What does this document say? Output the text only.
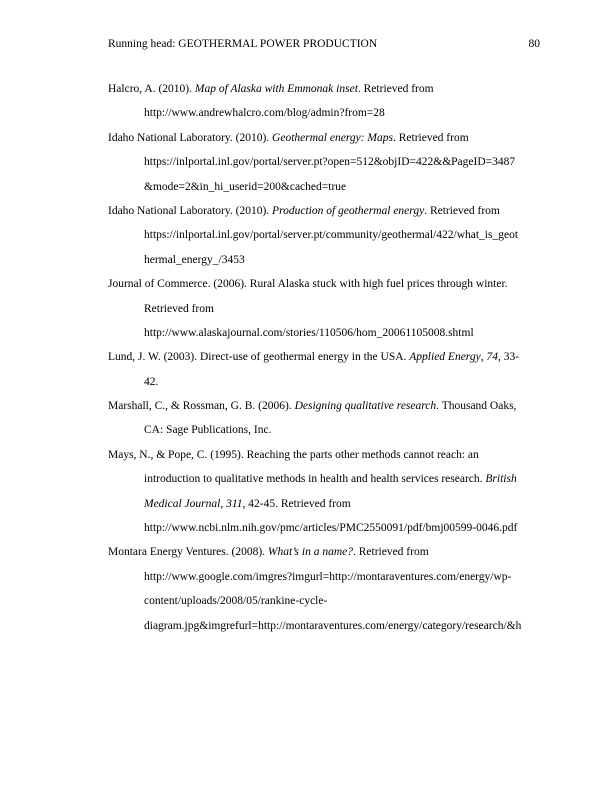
Running head: GEOTHERMAL POWER PRODUCTION	80
Halcro, A. (2010). Map of Alaska with Emmonak inset. Retrieved from
http://www.andrewhalcro.com/blog/admin?from=28
Idaho National Laboratory. (2010). Geothermal energy: Maps. Retrieved from
https://inlportal.inl.gov/portal/server.pt?open=512&objID=422&&PageID=3487
&mode=2&in_hi_userid=200&cached=true
Idaho National Laboratory. (2010). Production of geothermal energy. Retrieved from
https://inlportal.inl.gov/portal/server.pt/community/geothermal/422/what_is_geot
hermal_energy_/3453
Journal of Commerce. (2006). Rural Alaska stuck with high fuel prices through winter.
Retrieved from
http://www.alaskajournal.com/stories/110506/hom_20061105008.shtml
Lund, J. W. (2003). Direct-use of geothermal energy in the USA. Applied Energy, 74, 33-
42.
Marshall, C., & Rossman, G. B. (2006). Designing qualitative research. Thousand Oaks,
CA: Sage Publications, Inc.
Mays, N., & Pope, C. (1995). Reaching the parts other methods cannot reach: an
introduction to qualitative methods in health and health services research. British
Medical Journal, 311, 42-45. Retrieved from
http://www.ncbi.nlm.nih.gov/pmc/articles/PMC2550091/pdf/bmj00599-0046.pdf
Montara Energy Ventures. (2008). What’s in a name?. Retrieved from
http://www.google.com/imgres?imgurl=http://montaraventures.com/energy/wp-
content/uploads/2008/05/rankine-cycle-
diagram.jpg&imgrefurl=http://montaraventures.com/energy/category/research/&h
